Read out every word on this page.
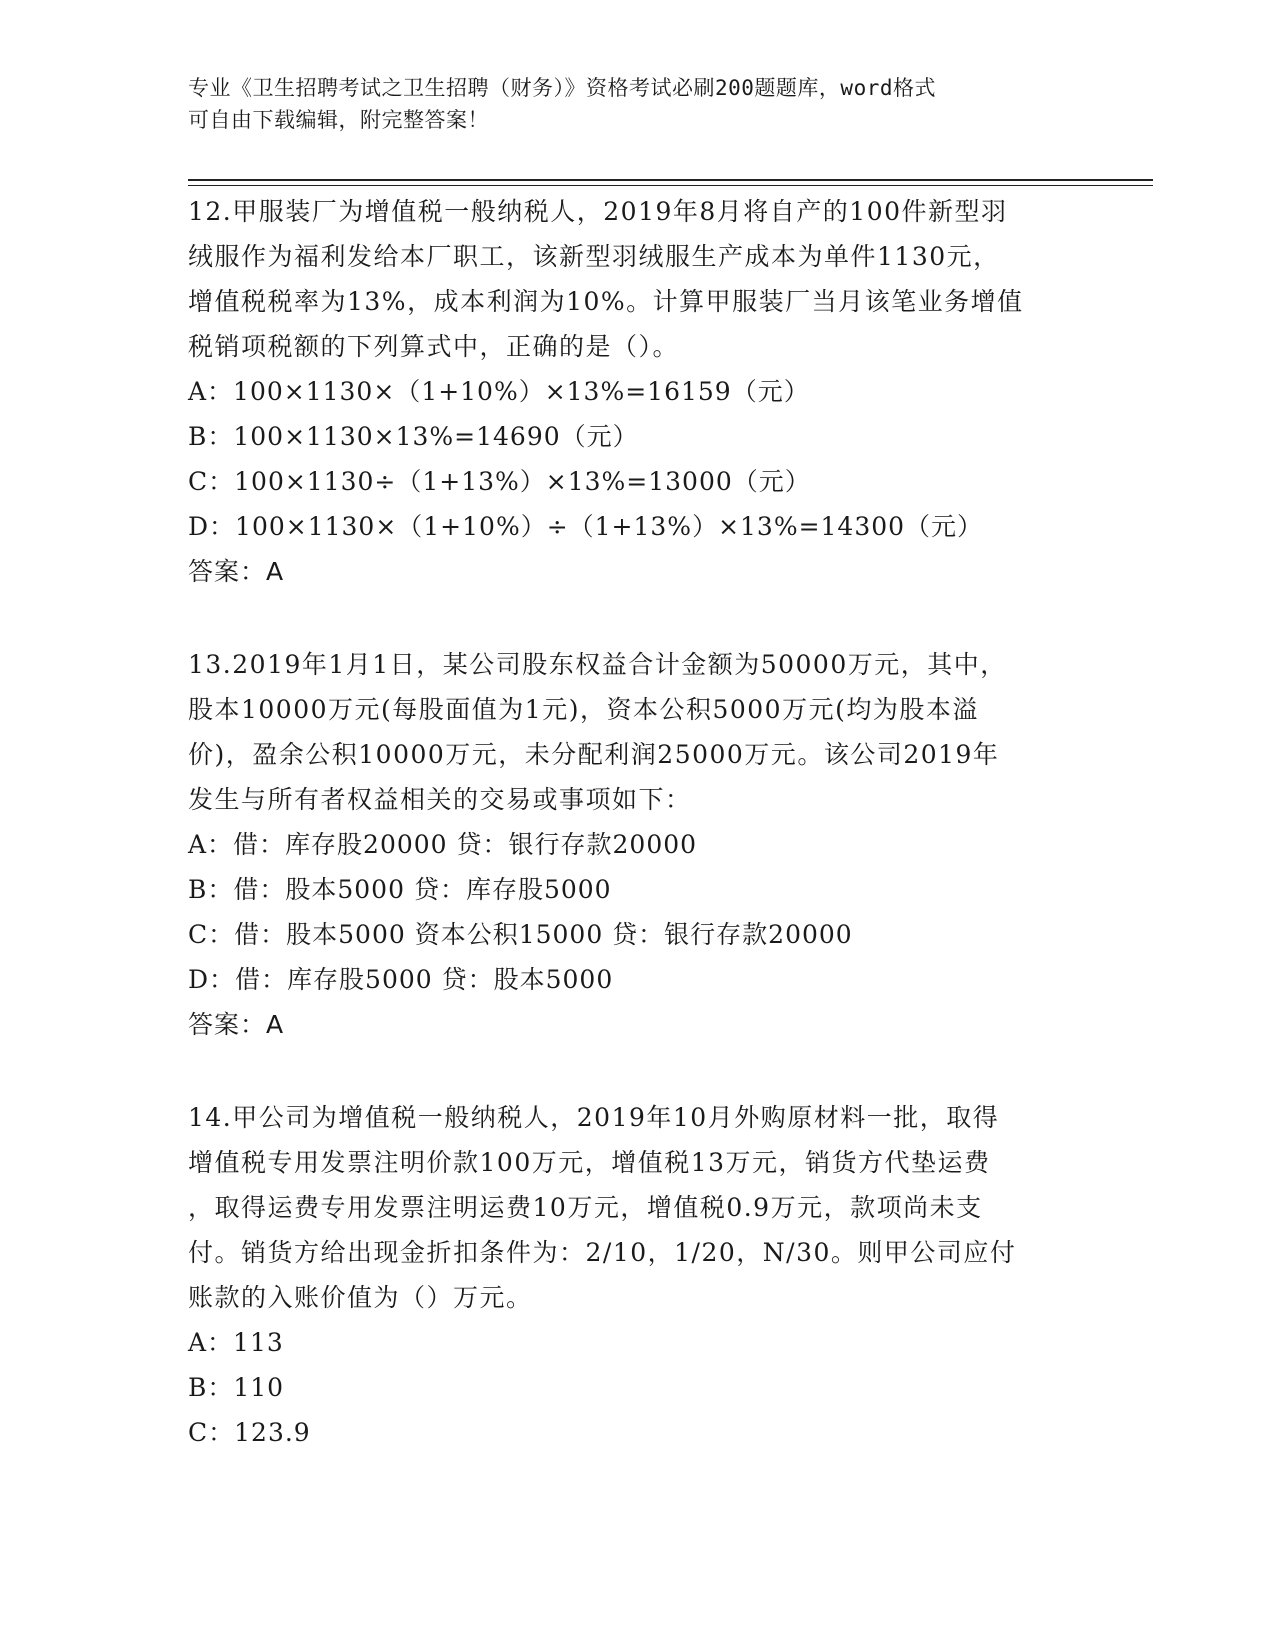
专业《卫生招聘考试之卫生招聘（财务）》资格考试必刷200题题库，word格式
可自由下载编辑，附完整答案！

12.甲服装厂为增值税一般纳税人，2019年8月将自产的100件新型羽

绒服作为福利发给本厂职工，该新型羽绒服生产成本为单件1130元，

增值税税率为13%，成本利润为10%。计算甲服装厂当月该笔业务增值

税销项税额的下列算式中，正确的是（）。

A：100×1130×（1+10%）×13%=16159（元）

B：100×1130×13%=14690（元）

C：100×1130÷（1+13%）×13%=13000（元）

D：100×1130×（1+10%）÷（1+13%）×13%=14300（元）

答案：A

13.2019年1月1日，某公司股东权益合计金额为50000万元，其中，

股本10000万元(每股面值为1元)，资本公积5000万元(均为股本溢

价)，盈余公积10000万元，未分配利润25000万元。该公司2019年

发生与所有者权益相关的交易或事项如下：

A：借：库存股20000 贷：银行存款20000

B：借：股本5000 贷：库存股5000

C：借：股本5000 资本公积15000 贷：银行存款20000

D：借：库存股5000 贷：股本5000

答案：A

14.甲公司为增值税一般纳税人，2019年10月外购原材料一批，取得

增值税专用发票注明价款100万元，增值税13万元，销货方代垫运费

，取得运费专用发票注明运费10万元，增值税0.9万元，款项尚未支

付。销货方给出现金折扣条件为：2/10，1/20，N/30。则甲公司应付

账款的入账价值为（）万元。

A：113

B：110

C：123.9
